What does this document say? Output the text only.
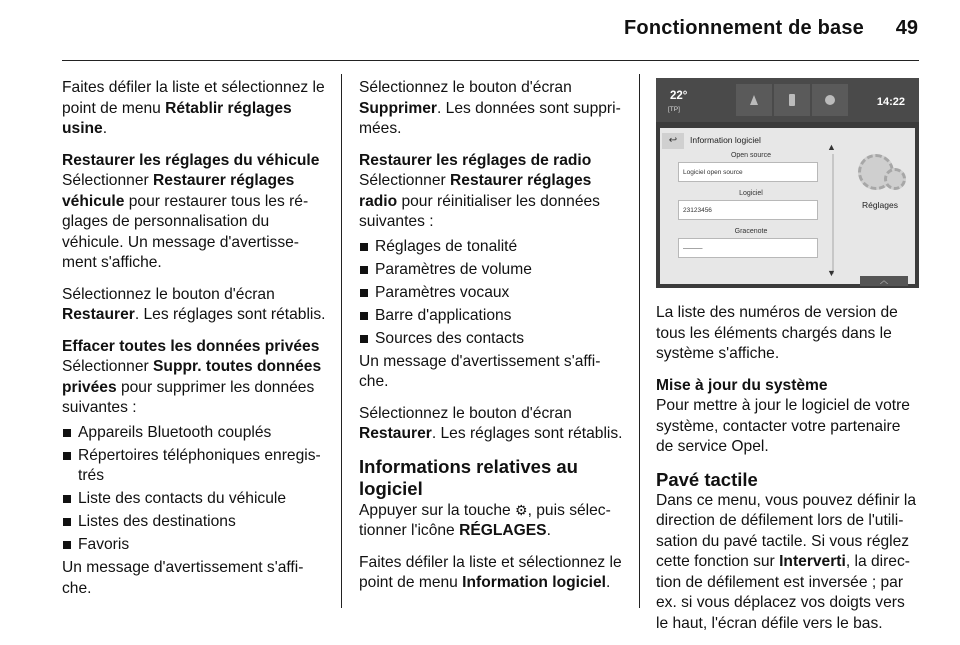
Fonctionnement de base 49

Faites défiler la liste et sélectionnez le point de menu Rétablir réglages usine.

Restaurer les réglages du véhicule

Sélectionner Restaurer réglages véhicule pour restaurer tous les ré-glages de personnalisation du véhicule. Un message d'avertisse-ment s'affiche.

Sélectionnez le bouton d'écran Restaurer. Les réglages sont rétablis.

Effacer toutes les données privées

Sélectionner Suppr. toutes données privées pour supprimer les données suivantes :

Appareils Bluetooth couplés
Répertoires téléphoniques enregis-trés
Liste des contacts du véhicule
Listes des destinations
Favoris

Un message d'avertissement s'affi-che.

Sélectionnez le bouton d'écran Supprimer. Les données sont suppri-mées.

Restaurer les réglages de radio

Sélectionner Restaurer réglages radio pour réinitialiser les données suivantes :

Réglages de tonalité
Paramètres de volume
Paramètres vocaux
Barre d'applications
Sources des contacts

Un message d'avertissement s'affi-che.

Sélectionnez le bouton d'écran Restaurer. Les réglages sont rétablis.

Informations relatives au logiciel

Appuyer sur la touche ⚙, puis sélec-tionner l'icône RÉGLAGES.

Faites défiler la liste et sélectionnez le point de menu Information logiciel.

22°
[TP]
14:22
↩	Information logiciel
Open source
Logiciel open source
Logiciel
23123456
Gracenote
———
▲
▼
Réglages
︿

La liste des numéros de version de tous les éléments chargés dans le système s'affiche.

Mise à jour du système

Pour mettre à jour le logiciel de votre système, contacter votre partenaire de service Opel.

Pavé tactile

Dans ce menu, vous pouvez définir la direction de défilement lors de l'utili-sation du pavé tactile. Si vous réglez cette fonction sur Interverti, la direc-tion de défilement est inversée ; par ex. si vous déplacez vos doigts vers le haut, l'écran défile vers le bas.
